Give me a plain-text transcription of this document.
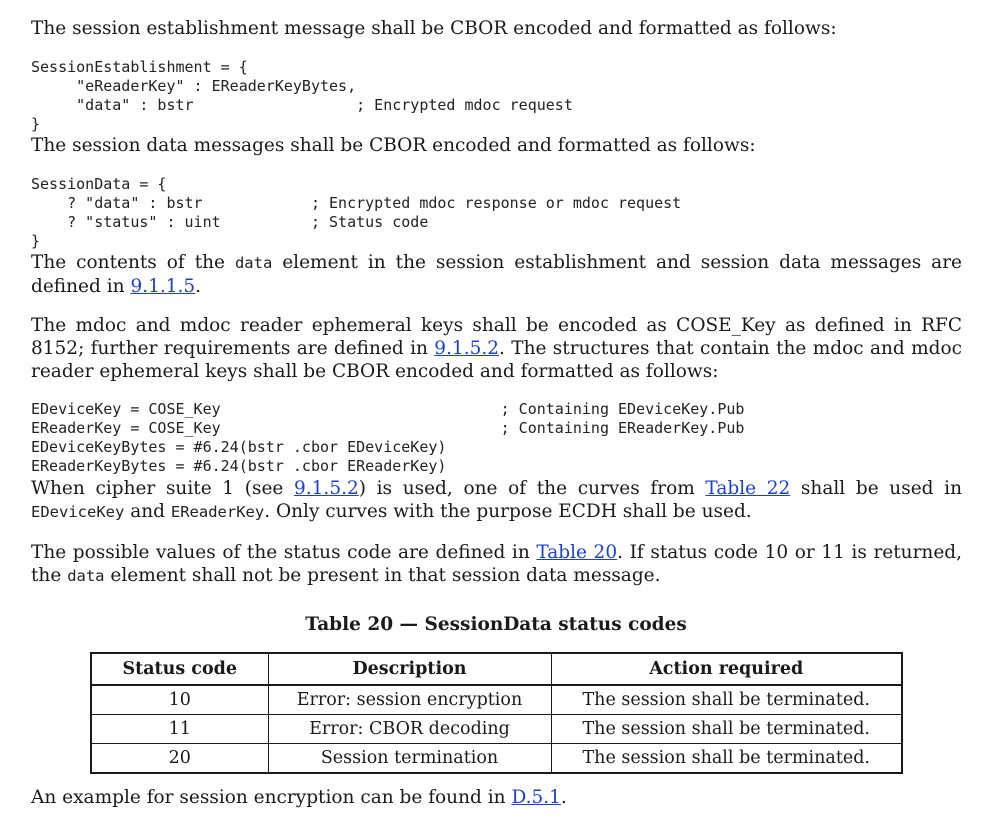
The session establishment message shall be CBOR encoded and formatted as follows:

SessionEstablishment = {
"eReaderKey" : EReaderKeyBytes,
"data" : bstr                  ; Encrypted mdoc request
}

The session data messages shall be CBOR encoded and formatted as follows:

SessionData = {
? "data" : bstr            ; Encrypted mdoc response or mdoc request
? "status" : uint          ; Status code
}

The contents of the data element in the session establishment and session data messages are defined in 9.1.1.5.

The mdoc and mdoc reader ephemeral keys shall be encoded as COSE_Key as defined in RFC 8152; further requirements are defined in 9.1.5.2. The structures that contain the mdoc and mdoc reader ephemeral keys shall be CBOR encoded and formatted as follows:

EDeviceKey = COSE_Key                               ; Containing EDeviceKey.Pub
EReaderKey = COSE_Key                               ; Containing EReaderKey.Pub
EDeviceKeyBytes = #6.24(bstr .cbor EDeviceKey)
EReaderKeyBytes = #6.24(bstr .cbor EReaderKey)

When cipher suite 1 (see 9.1.5.2) is used, one of the curves from Table 22 shall be used in EDeviceKey and EReaderKey. Only curves with the purpose ECDH shall be used.

The possible values of the status code are defined in Table 20. If status code 10 or 11 is returned, the data element shall not be present in that session data message.

Table 20 — SessionData status codes
Status code	Description	Action required
10	Error: session encryption	The session shall be terminated.
11	Error: CBOR decoding	The session shall be terminated.
20	Session termination	The session shall be terminated.

An example for session encryption can be found in D.5.1.
